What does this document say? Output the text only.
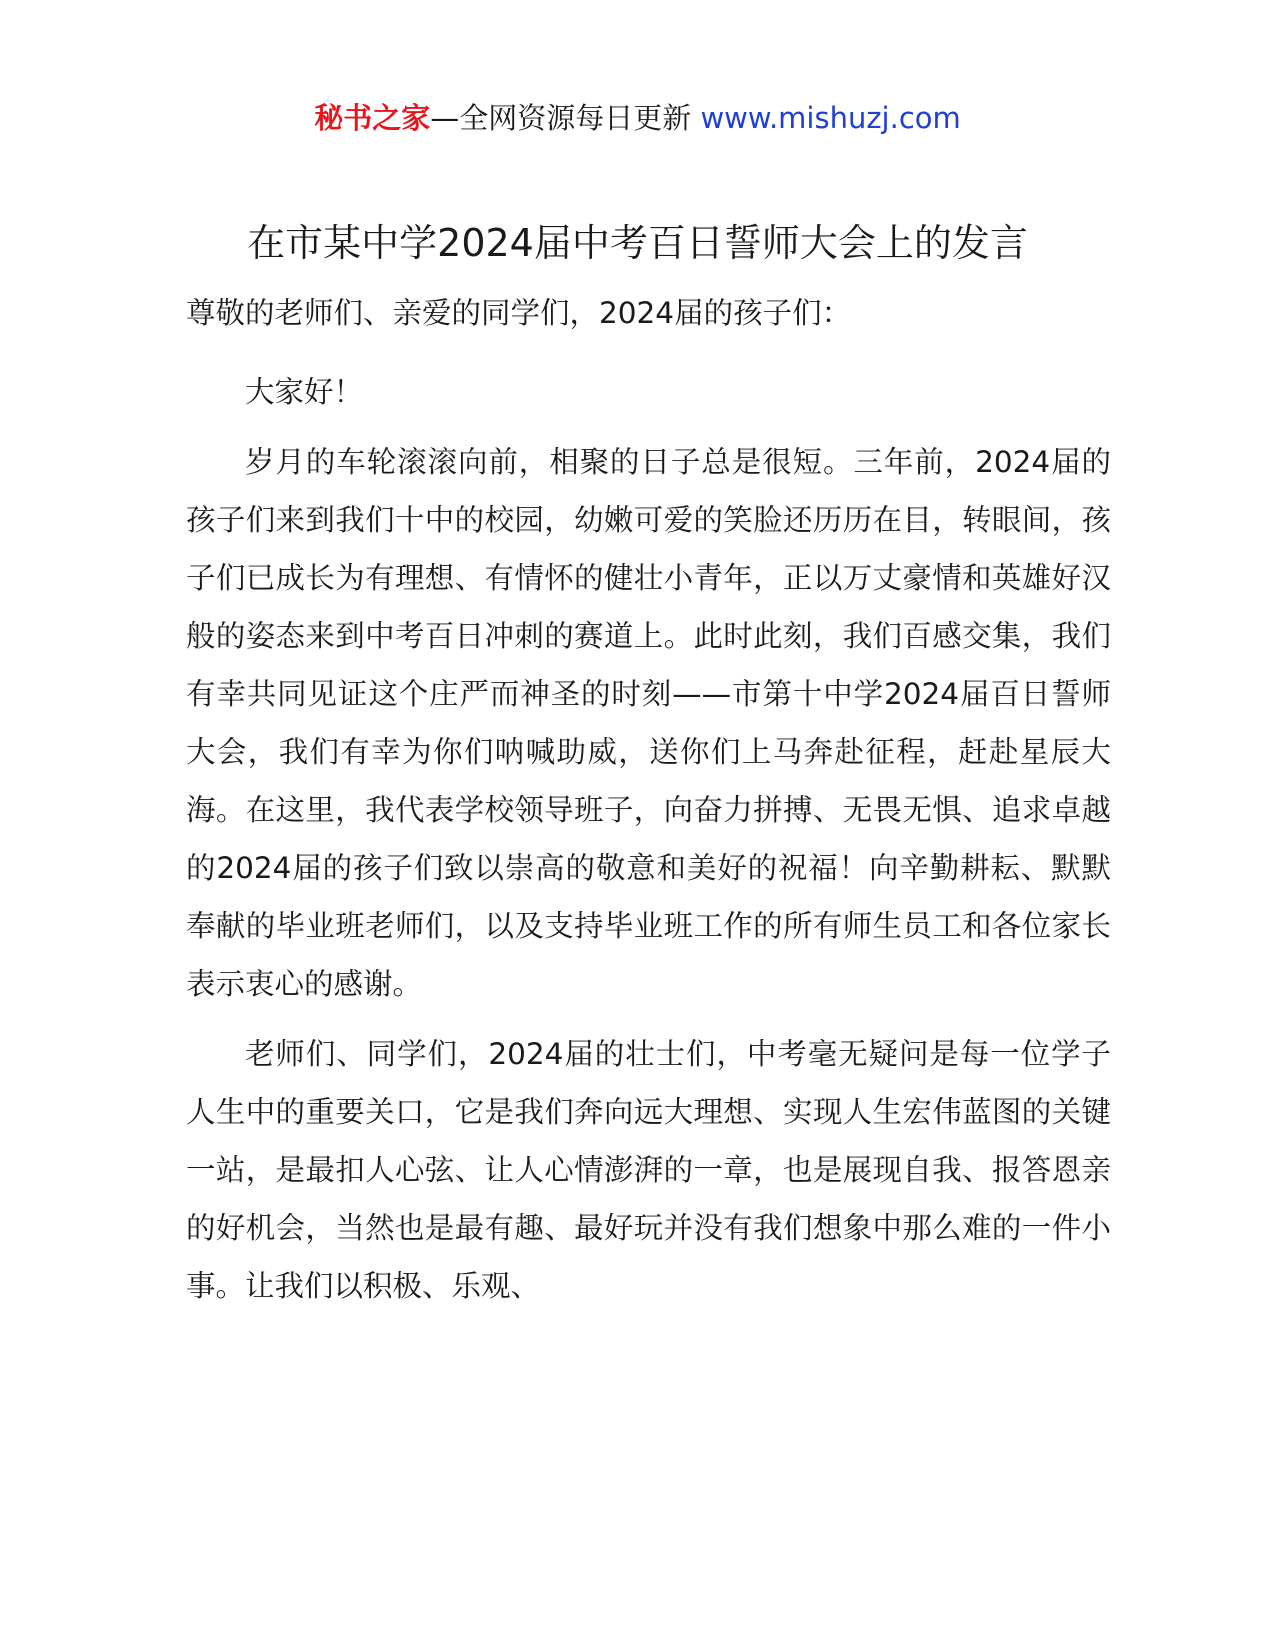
秘书之家—全网资源每日更新 www.mishuzj.com
在市某中学2024届中考百日誓师大会上的发言

尊敬的老师们、亲爱的同学们，2024届的孩子们：

大家好！

岁月的车轮滚滚向前，相聚的日子总是很短。三年前，2024届的孩子们来到我们十中的校园，幼嫩可爱的笑脸还历历在目，转眼间，孩子们已成长为有理想、有情怀的健壮小青年，正以万丈豪情和英雄好汉般的姿态来到中考百日冲刺的赛道上。此时此刻，我们百感交集，我们有幸共同见证这个庄严而神圣的时刻——市第十中学2024届百日誓师大会，我们有幸为你们呐喊助威，送你们上马奔赴征程，赶赴星辰大海。在这里，我代表学校领导班子，向奋力拼搏、无畏无惧、追求卓越的2024届的孩子们致以崇高的敬意和美好的祝福！向辛勤耕耘、默默奉献的毕业班老师们，以及支持毕业班工作的所有师生员工和各位家长表示衷心的感谢。

老师们、同学们，2024届的壮士们，中考毫无疑问是每一位学子人生中的重要关口，它是我们奔向远大理想、实现人生宏伟蓝图的关键一站，是最扣人心弦、让人心情澎湃的一章，也是展现自我、报答恩亲的好机会，当然也是最有趣、最好玩并没有我们想象中那么难的一件小事。让我们以积极、乐观、
